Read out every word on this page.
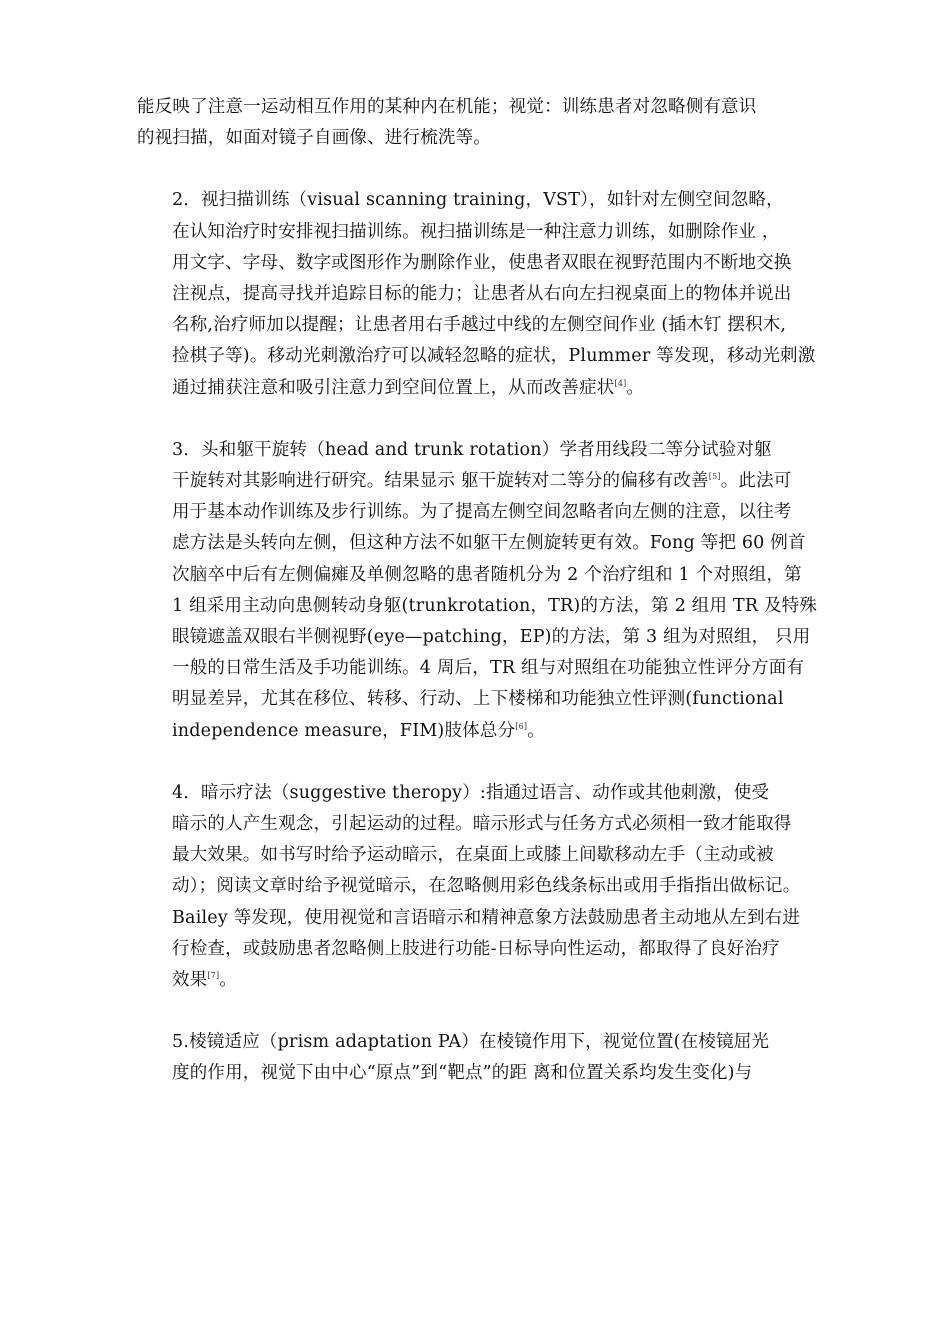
能反映了注意一运动相互作用的某种内在机能；视觉：训练患者对忽略侧有意识
的视扫描，如面对镜子自画像、进行梳洗等。

2．视扫描训练（visual scanning training，VST），如针对左侧空间忽略，
在认知治疗时安排视扫描训练。视扫描训练是一种注意力训练，如删除作业 ，
用文字、字母、数字或图形作为删除作业，使患者双眼在视野范围内不断地交换
注视点，提高寻找并追踪目标的能力；让患者从右向左扫视桌面上的物体并说出
名称,治疗师加以提醒；让患者用右手越过中线的左侧空间作业 (插木钉 摆积木,
捡棋子等)。移动光刺激治疗可以减轻忽略的症状，Plummer 等发现，移动光刺激
通过捕获注意和吸引注意力到空间位置上，从而改善症状[4]。

3．头和躯干旋转（head and trunk rotation）学者用线段二等分试验对躯
干旋转对其影响进行研究。结果显示 躯干旋转对二等分的偏移有改善[5]。此法可
用于基本动作训练及步行训练。为了提高左侧空间忽略者向左侧的注意，以往考
虑方法是头转向左侧，但这种方法不如躯干左侧旋转更有效。Fong 等把 60 例首
次脑卒中后有左侧偏瘫及单侧忽略的患者随机分为 2 个治疗组和 1 个对照组，第
1 组采用主动向患侧转动身躯(trunkrotation，TR)的方法，第 2 组用 TR 及特殊
眼镜遮盖双眼右半侧视野(eye—patching，EP)的方法，第 3 组为对照组， 只用
一般的日常生活及手功能训练。4 周后，TR 组与对照组在功能独立性评分方面有
明显差异，尤其在移位、转移、行动、上下楼梯和功能独立性评测(functional
independence measure，FIM)肢体总分[6]。

4．暗示疗法（suggestive theropy）:指通过语言、动作或其他刺激，使受
暗示的人产生观念，引起运动的过程。暗示形式与任务方式必须相一致才能取得
最大效果。如书写时给予运动暗示，在桌面上或膝上间歇移动左手（主动或被
动）；阅读文章时给予视觉暗示，在忽略侧用彩色线条标出或用手指指出做标记。
Bailey 等发现，使用视觉和言语暗示和精神意象方法鼓励患者主动地从左到右进
行检查，或鼓励患者忽略侧上肢进行功能-日标导向性运动，都取得了良好治疗
效果[7]。

5.棱镜适应（prism adaptation PA）在棱镜作用下，视觉位置(在棱镜屈光
度的作用，视觉下由中心“原点”到“靶点”的距 离和位置关系均发生变化)与
